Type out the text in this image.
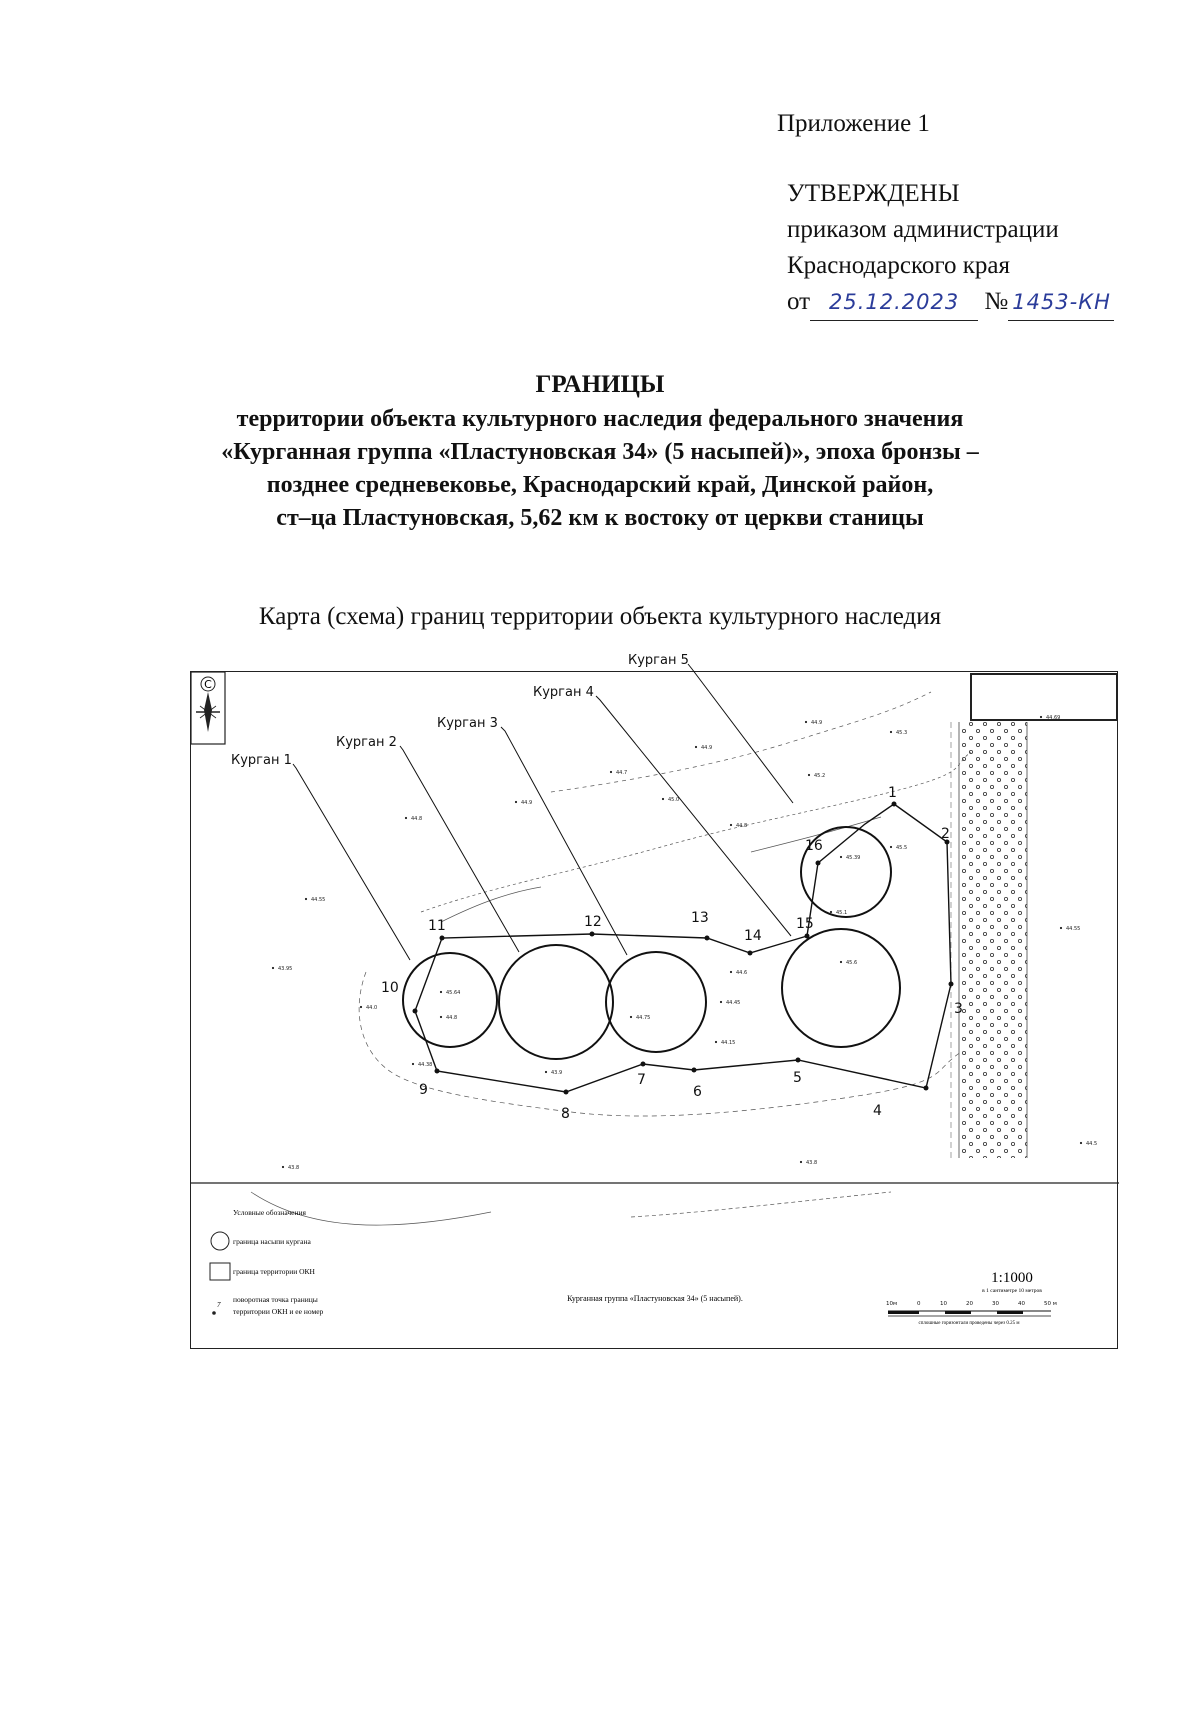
Приложение 1
УТВЕРЖДЕНЫ
приказом администрации
Краснодарского края
от 25.12.2023 № 1453-КН
ГРАНИЦЫ
территории объекта культурного наследия федерального значения
«Курганная группа «Пластуновская 34» (5 насыпей)», эпоха бронзы –
позднее средневековье, Краснодарский край, Динской район,
ст–ца Пластуновская, 5,62 км к востоку от церкви станицы
Карта (схема) границ территории объекта культурного наследия
С
44.55
44.8
44.9
44.7
45.0
44.9
44.9
44.8
43.95
44.0
44.38
43.9
44.15
43.8
43.8
45.2
45.3
44.69
44.55
44.5
44.45
44.6
44.8	44.75
45.64
45.6
45.1
45.39
45.5
1
2
3
4
5
6
7
8
9
10
11	12	13
14
15
16
Курган 1
Курган 2
Курган 3
Курган 4
Курган 5
Условные обозначения
граница насыпи кургана
граница территории ОКН
7
поворотная точка границы
территории ОКН и ее номер
Курганная группа «Пластуновская 34» (5 насыпей).
1:1000
в 1 сантиметре 10 метров
10м	0	10	20	30	40	50 м
сплошные горизонтали проведены через 0.25 м
